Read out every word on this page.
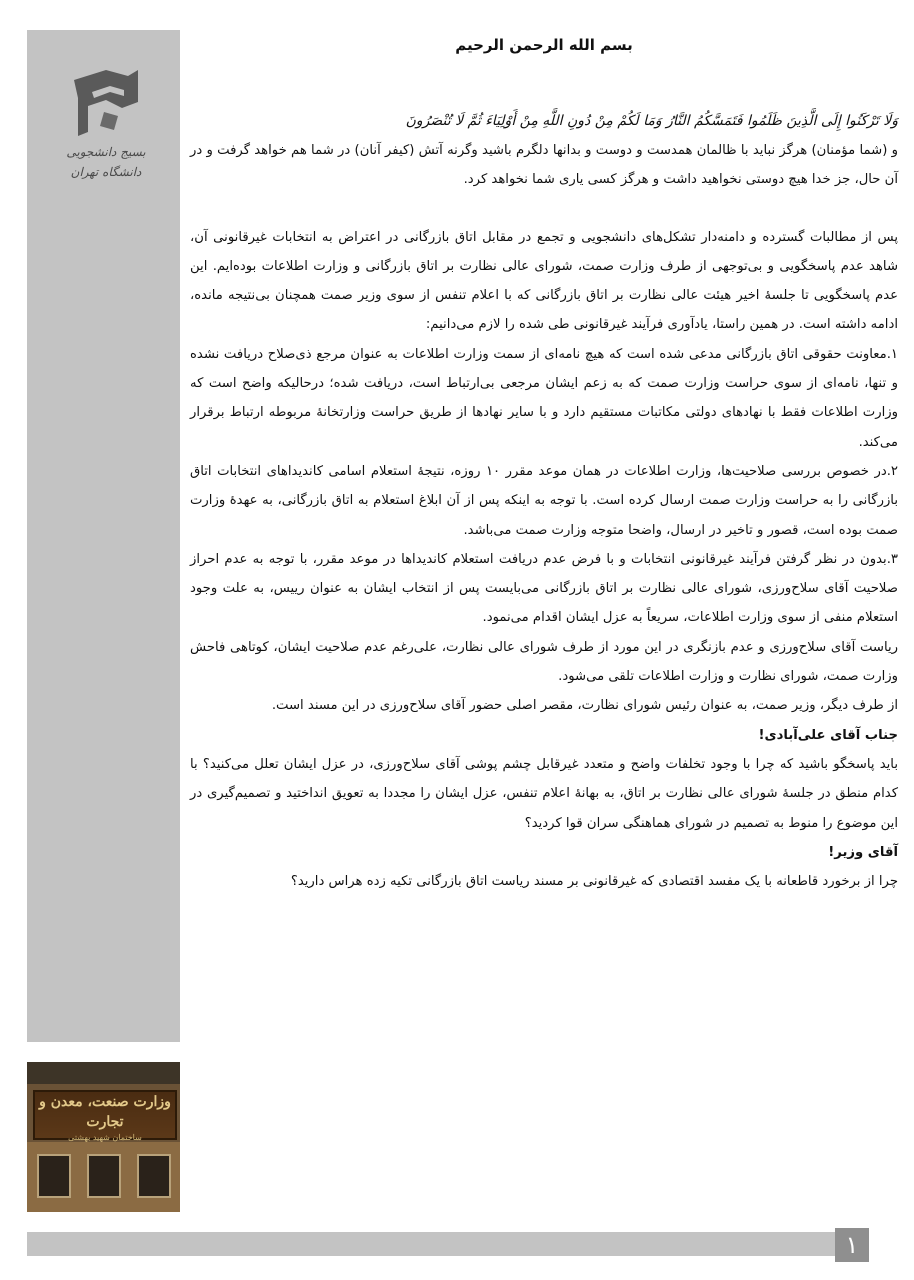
بسیج دانشجویی
دانشگاه تهران
وزارت صنعت، معدن و تجارت
ساختمان شهید بهشتی
بسم الله الرحمن الرحیم

وَلَا تَرْكَنُوا إِلَى الَّذِينَ ظَلَمُوا فَتَمَسَّكُمُ النَّارُ وَمَا لَكُمْ مِنْ دُونِ اللَّهِ مِنْ أَوْلِيَاءَ ثُمَّ لَا تُنْصَرُونَ

و (شما مؤمنان) هرگز نباید با ظالمان همدست و دوست و بدانها دلگرم باشید وگرنه آتش (کیفر آنان) در شما هم خواهد گرفت و در آن حال، جز خدا هیچ دوستی نخواهید داشت و هرگز کسی یاری شما نخواهد کرد.

پس از مطالبات گسترده و دامنه‌دار تشکل‌های دانشجویی و تجمع در مقابل اتاق بازرگانی در اعتراض به انتخابات غیرقانونی آن، شاهد عدم پاسخگویی و بی‌توجهی از طرف وزارت صمت، شورای عالی نظارت بر اتاق بازرگانی و وزارت اطلاعات بوده‌ایم. این عدم پاسخگویی تا جلسهٔ اخیر هیئت عالی نظارت بر اتاق بازرگانی که با اعلام تنفس از سوی وزیر صمت همچنان بی‌نتیجه مانده، ادامه داشته است. در همین راستا، یادآوری فرآیند غیرقانونی طی شده را لازم می‌دانیم:

۱.معاونت حقوقی اتاق بازرگانی مدعی شده است که هیچ نامه‌ای از سمت وزارت اطلاعات به عنوان مرجع ذی‌صلاح دریافت نشده و تنها، نامه‌ای از سوی حراست وزارت صمت که به زعم ایشان مرجعی بی‌ارتباط است، دریافت شده؛ درحالیکه واضح است که وزارت اطلاعات فقط با نهادهای دولتی مکاتبات مستقیم دارد و با سایر نهادها از طریق حراست وزارتخانهٔ مربوطه ارتباط برقرار می‌کند.

۲.در خصوص بررسی صلاحیت‌ها، وزارت اطلاعات در همان موعد مقرر ۱۰ روزه، نتیجهٔ استعلام اسامی کاندیداهای انتخابات اتاق بازرگانی را به حراست وزارت صمت ارسال کرده است. با توجه به اینکه پس از آن ابلاغ استعلام به اتاق بازرگانی، به عهدهٔ وزارت صمت بوده است، قصور و تاخیر در ارسال، واضحا متوجه وزارت صمت می‌باشد.

۳.بدون در نظر گرفتن فرآیند غیرقانونی انتخابات و با فرض عدم دریافت استعلام کاندیداها در موعد مقرر، با توجه به عدم احراز صلاحیت آقای سلاح‌ورزی، شورای عالی نظارت بر اتاق بازرگانی می‌بایست پس از انتخاب ایشان به عنوان رییس، به علت وجود استعلام منفی از سوی وزارت اطلاعات، سریعاً به عزل ایشان اقدام می‌نمود.

ریاست آقای سلاح‌ورزی و عدم بازنگری در این مورد از طرف شورای عالی نظارت، علی‌رغم عدم صلاحیت ایشان، کوتاهی فاحش وزارت صمت، شورای نظارت و وزارت اطلاعات تلقی می‌شود.

از طرف دیگر، وزیر صمت، به عنوان رئیس شورای نظارت، مقصر اصلی حضور آقای سلاح‌ورزی در این مسند است.

جناب آقای علی‌آبادی!

باید پاسخگو باشید که چرا با وجود تخلفات واضح و متعدد غیرقابل چشم پوشی آقای سلاح‌ورزی، در عزل ایشان تعلل می‌کنید؟ با کدام منطق در جلسهٔ شورای عالی نظارت بر اتاق، به بهانهٔ اعلام تنفس، عزل ایشان را مجددا به تعویق انداختید و تصمیم‌گیری در این موضوع را منوط به تصمیم در شورای هماهنگی سران قوا کردید؟

آقای وزیر!

چرا از برخورد قاطعانه با یک مفسد اقتصادی که غیرقانونی بر مسند ریاست اتاق بازرگانی تکیه زده هراس دارید؟

۱
